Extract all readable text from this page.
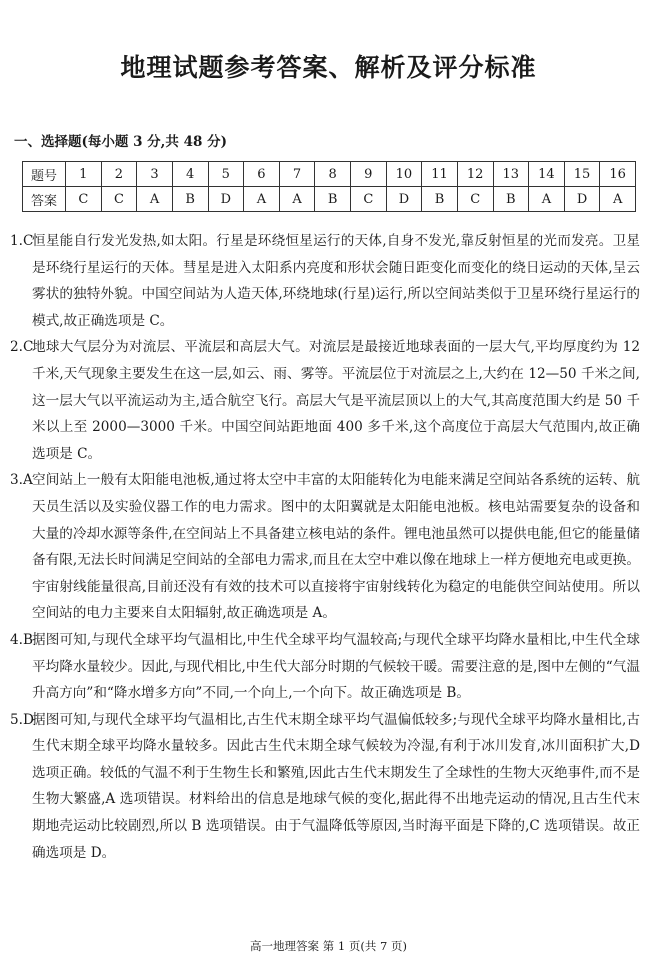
地理试题参考答案、解析及评分标准
一、选择题(每小题 3 分,共 48 分)
题号	1	2	3	4	5	6	7	8	9	10	11	12	13	14	15	16
答案	C	C	A	B	D	A	A	B	C	D	B	C	B	A	D	A
1.C
恒星能自行发光发热,如太阳。行星是环绕恒星运行的天体,自身不发光,靠反射恒星的光而发亮。卫星是环绕行星运行的天体。彗星是进入太阳系内亮度和形状会随日距变化而变化的绕日运动的天体,呈云雾状的独特外貌。中国空间站为人造天体,环绕地球(行星)运行,所以空间站类似于卫星环绕行星运行的模式,故正确选项是 C。
2.C
地球大气层分为对流层、平流层和高层大气。对流层是最接近地球表面的一层大气,平均厚度约为 12 千米,天气现象主要发生在这一层,如云、雨、雾等。平流层位于对流层之上,大约在 12—50 千米之间,这一层大气以平流运动为主,适合航空飞行。高层大气是平流层顶以上的大气,其高度范围大约是 50 千米以上至 2000—3000 千米。中国空间站距地面 400 多千米,这个高度位于高层大气范围内,故正确选项是 C。
3.A 空间站上一般有太阳能电池板,通过将太空中丰富的太阳能转化为电能来满足空间站各系统的运转、航天员生活以及实验仪器工作的电力需求。图中的太阳翼就是太阳能电池板。核电站需要复杂的设备和大量的冷却水源等条件,在空间站上不具备建立核电站的条件。锂电池虽然可以提供电能,但它的能量储备有限,无法长时间满足空间站的全部电力需求,而且在太空中难以像在地球上一样方便地充电或更换。宇宙射线能量很高,目前还没有有效的技术可以直接将宇宙射线转化为稳定的电能供空间站使用。所以空间站的电力主要来自太阳辐射,故正确选项是 A。
4.B 据图可知,与现代全球平均气温相比,中生代全球平均气温较高;与现代全球平均降水量相比,中生代全球平均降水量较少。因此,与现代相比,中生代大部分时期的气候较干暖。需要注意的是,图中左侧的“气温升高方向”和“降水增多方向”不同,一个向上,一个向下。故正确选项是 B。
5.D
据图可知,与现代全球平均气温相比,古生代末期全球平均气温偏低较多;与现代全球平均降水量相比,古生代末期全球平均降水量较多。因此古生代末期全球气候较为冷湿,有利于冰川发育,冰川面积扩大,D 选项正确。较低的气温不利于生物生长和繁殖,因此古生代末期发生了全球性的生物大灭绝事件,而不是生物大繁盛,A 选项错误。材料给出的信息是地球气候的变化,据此得不出地壳运动的情况,且古生代末期地壳运动比较剧烈,所以 B 选项错误。由于气温降低等原因,当时海平面是下降的,C 选项错误。故正确选项是 D。
高一地理答案 第 1 页(共 7 页)
